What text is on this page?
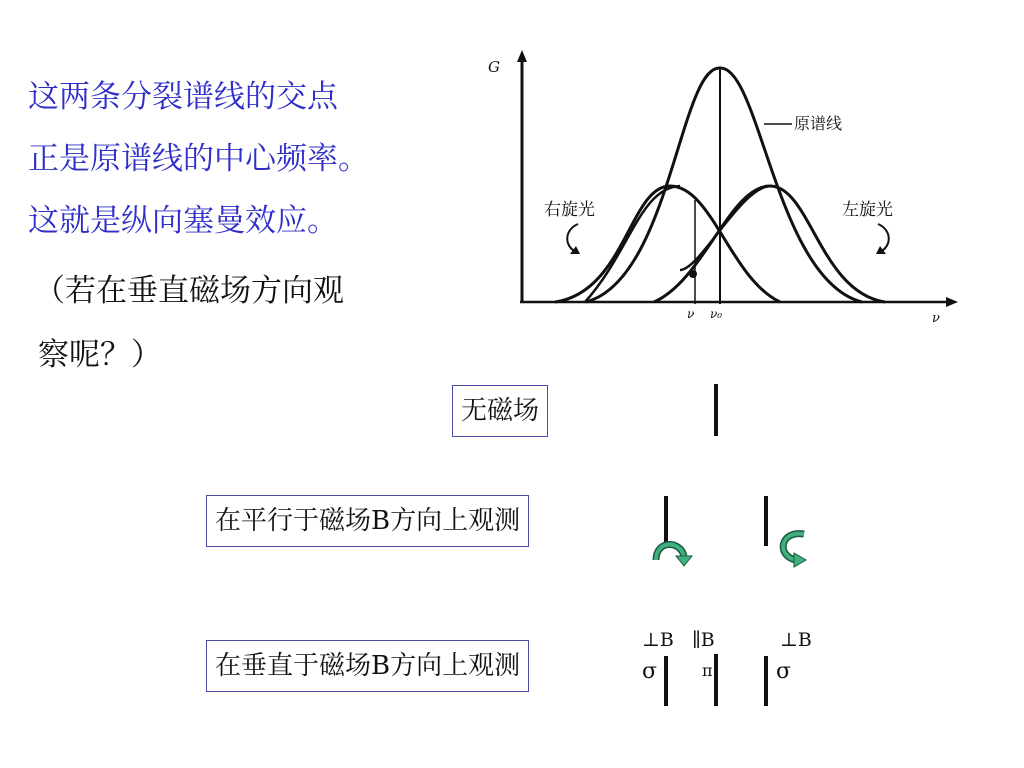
这两条分裂谱线的交点
正是原谱线的中心频率。
这就是纵向塞曼效应。
（若在垂直磁场方向观
察呢？）
G
ν
原谱线
右旋光	左旋光
ν ν₀
无磁场
在平行于磁场B方向上观测
在垂直于磁场B方向上观测
⊥B ∥B	⊥B
σ	π	σ
